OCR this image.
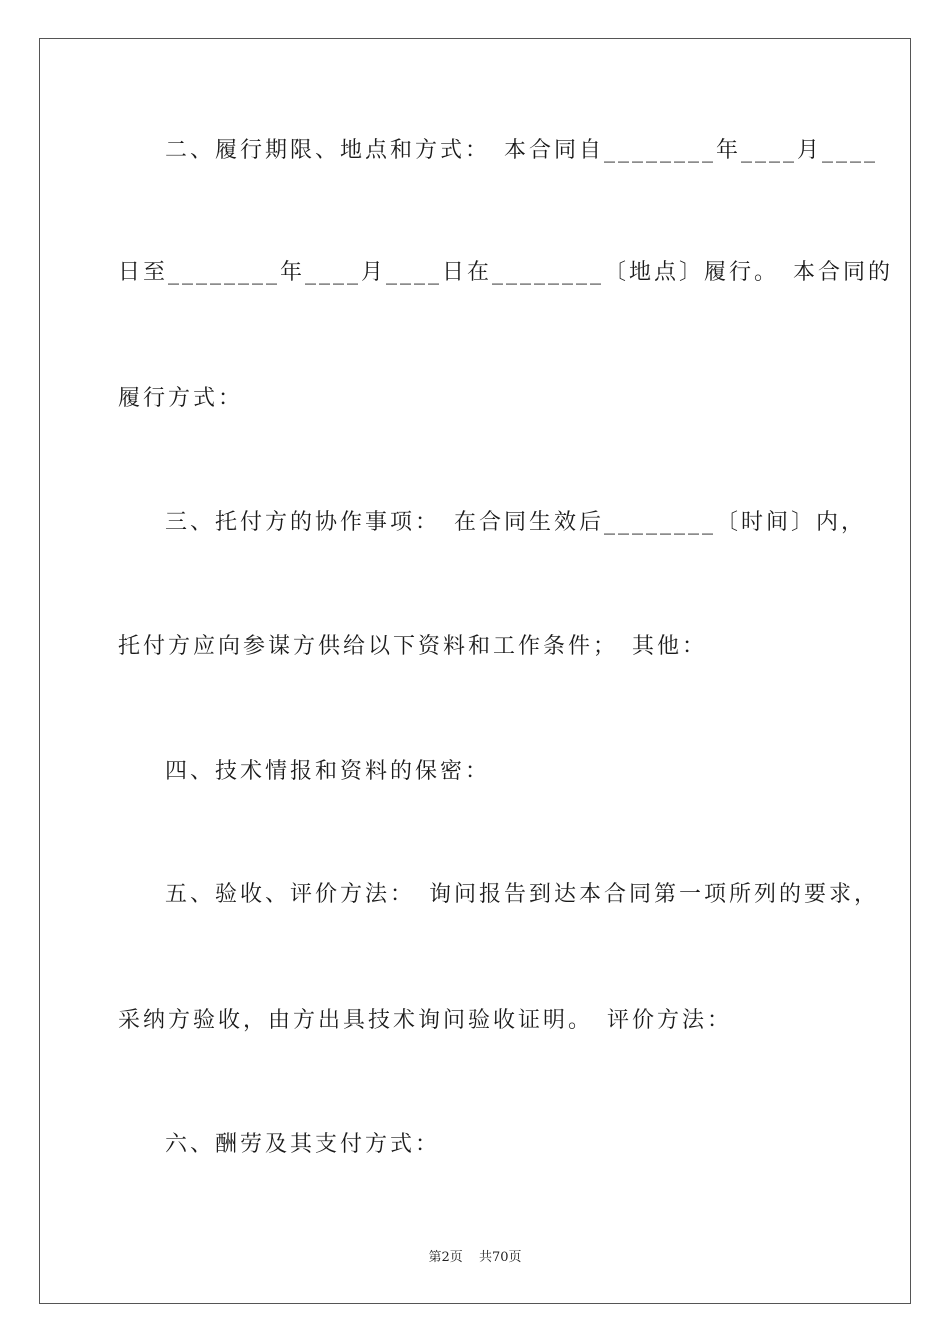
二、履行期限、地点和方式：　本合同自________年____月____
日至________年____月____日在________〔地点〕履行。　本合同的
履行方式：
三、托付方的协作事项：　在合同生效后________〔时间〕内，
托付方应向参谋方供给以下资料和工作条件；　其他：
四、技术情报和资料的保密：
五、验收、评价方法：　询问报告到达本合同第一项所列的要求，
采纳方验收，由方出具技术询问验收证明。　评价方法：
六、酬劳及其支付方式：
第2页 共70页
